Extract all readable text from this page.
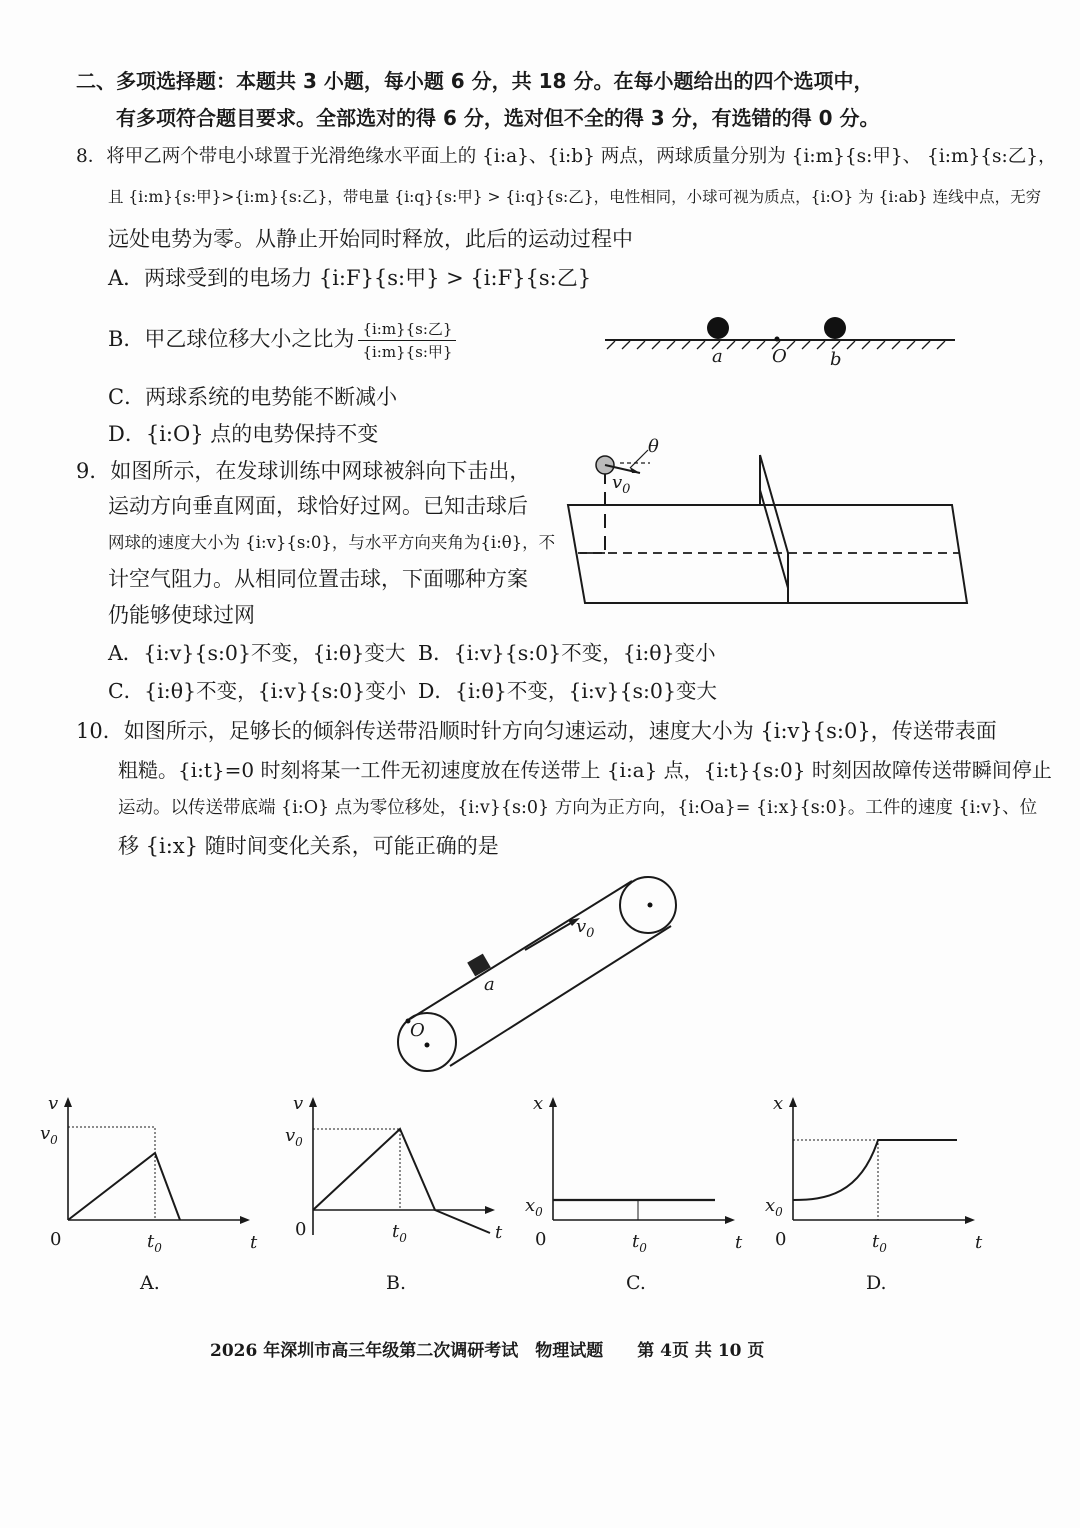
二、多项选择题：本题共 3 小题，每小题 6 分，共 18 分。在每小题给出的四个选项中，
有多项符合题目要求。全部选对的得 6 分，选对但不全的得 3 分，有选错的得 0 分。
8．将甲乙两个带电小球置于光滑绝缘水平面上的 {i:a}、{i:b} 两点，两球质量分别为 {i:m}{s:甲}、 {i:m}{s:乙}，
且 {i:m}{s:甲}>{i:m}{s:乙}，带电量 {i:q}{s:甲} > {i:q}{s:乙}，电性相同，小球可视为质点，{i:O} 为 {i:ab} 连线中点，无穷
远处电势为零。从静止开始同时释放，此后的运动过程中
A．两球受到的电场力 {i:F}{s:甲} > {i:F}{s:乙}
B．甲乙球位移大小之比为 $\frac{\text{\{i:m\}\{s:乙\}}}{\text{\{i:m\}\{s:甲\}}}$
C．两球系统的电势能不断减小
D．{i:O} 点的电势保持不变
a	O b
9．如图所示，在发球训练中网球被斜向下击出，
运动方向垂直网面，球恰好过网。已知击球后
网球的速度大小为 {i:v}{s:0}，与水平方向夹角为{i:θ}，不
计空气阻力。从相同位置击球，下面哪种方案
仍能够使球过网
A．{i:v}{s:0}不变，{i:θ}变大 B．{i:v}{s:0}不变，{i:θ}变小
C．{i:θ}不变，{i:v}{s:0}变小 D．{i:θ}不变，{i:v}{s:0}变大
θ
$v_0$
10．如图所示，足够长的倾斜传送带沿顺时针方向匀速运动，速度大小为 {i:v}{s:0}，传送带表面
粗糙。{i:t}=0 时刻将某一工件无初速度放在传送带上 {i:a} 点，{i:t}{s:0} 时刻因故障传送带瞬间停止
运动。以传送带底端 {i:O} 点为零位移处，{i:v}{s:0} 方向为正方向，{i:Oa}= {i:x}{s:0}。工件的速度 {i:v}、位
移 {i:x} 随时间变化关系，可能正确的是
$v_0$
a
O
v
t
0
$v_0$
$t_0$
v
t
0
$v_0$
$t_0$
x
t
0
$x_0$
$t_0$
x
t
0
$x_0$
$t_0$
A.	B.	C.	D.
2026 年深圳市高三年级第二次调研考试　物理试题　　第 4页 共 10 页
